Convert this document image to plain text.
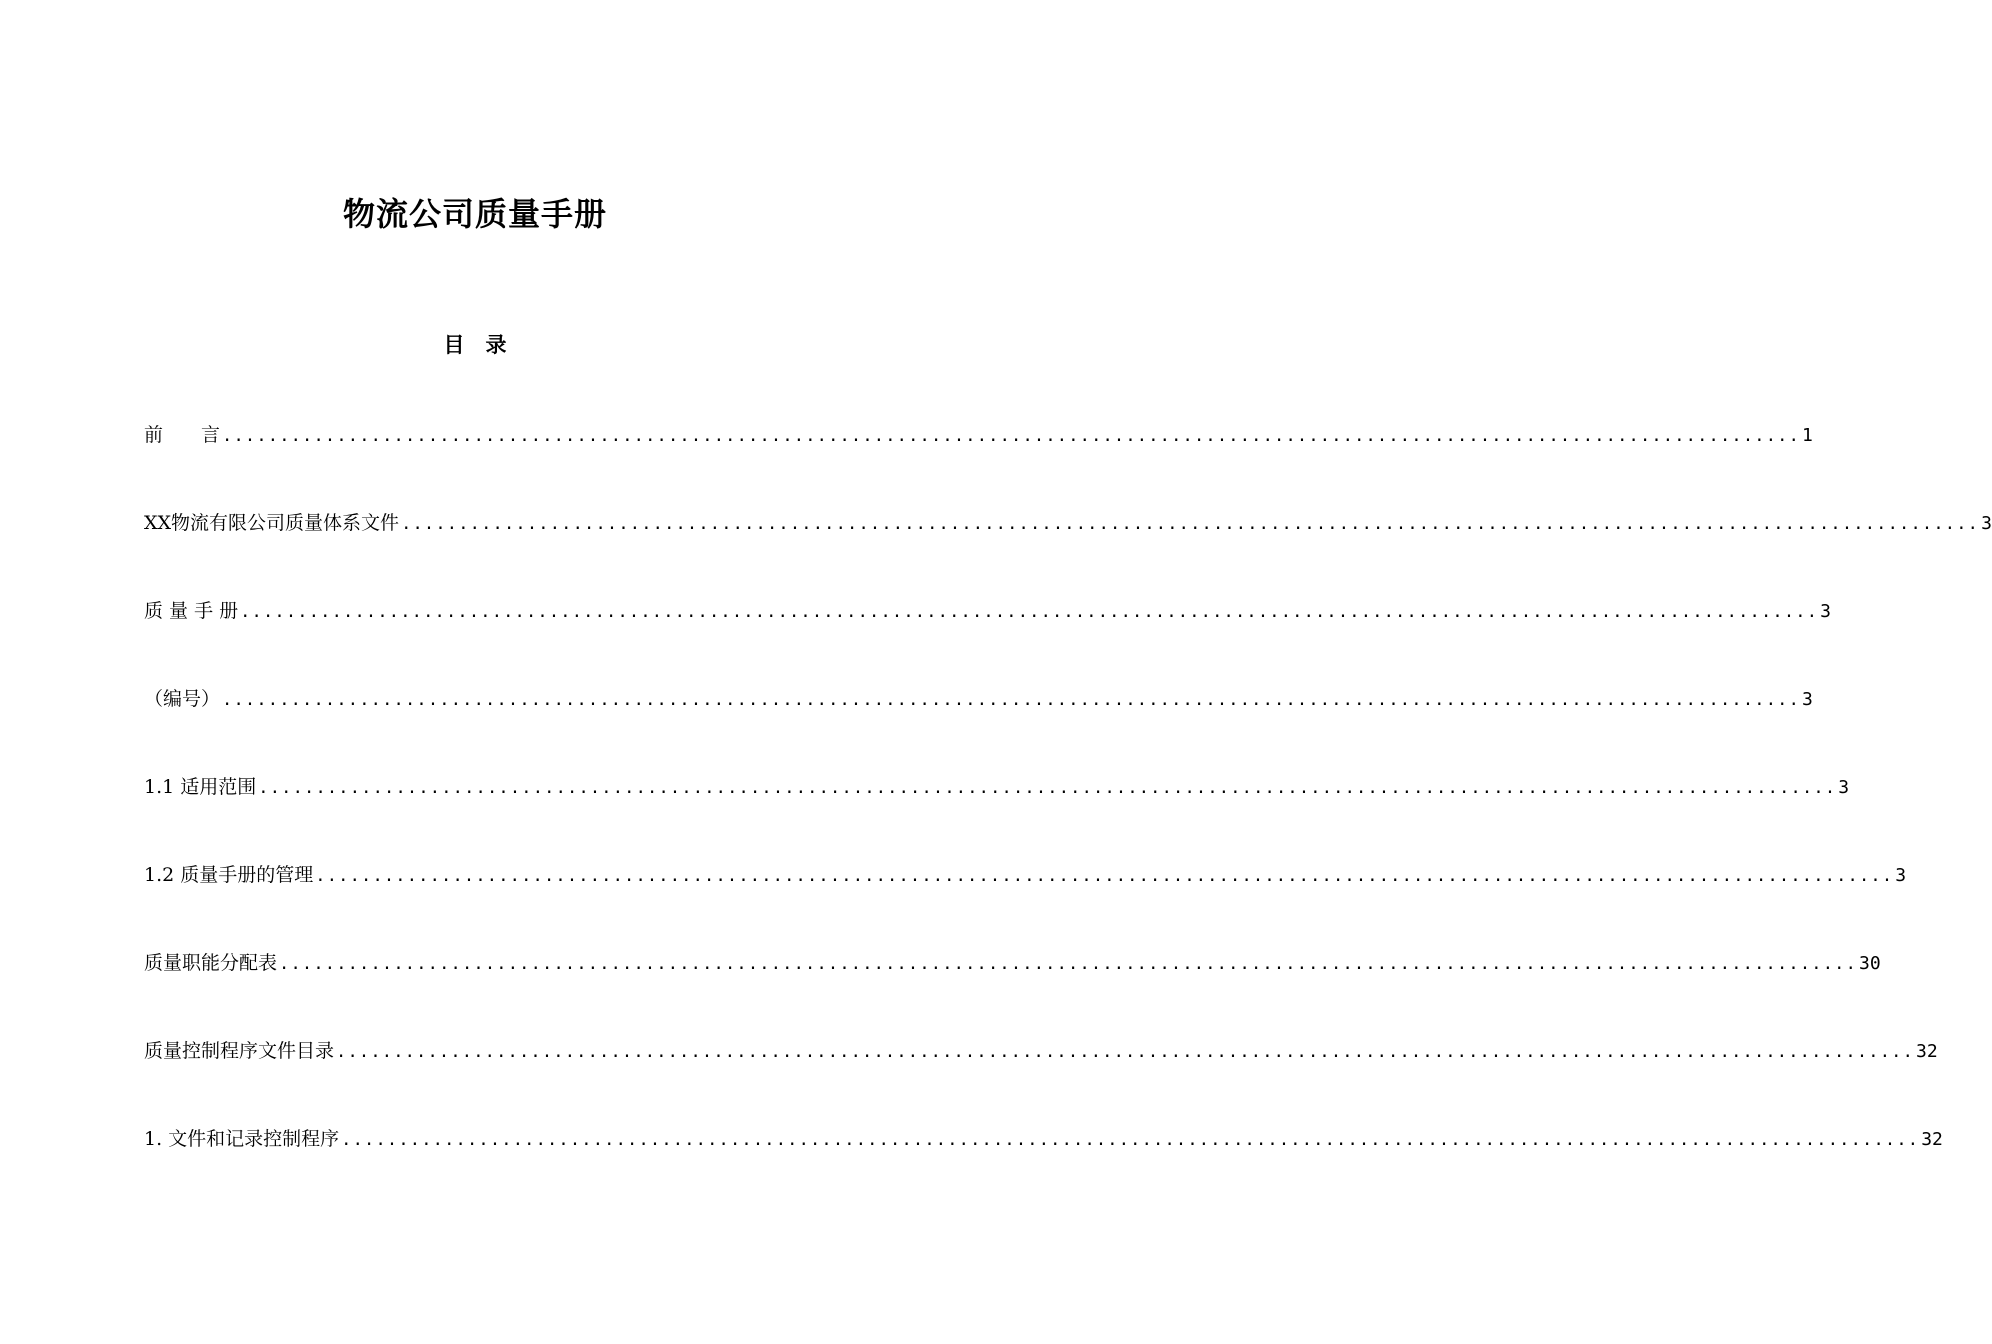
物流公司质量手册
目　录
前　　言 .......................................................................................................................................... 1
XX物流有限公司质量体系文件 .......................................................................................................................................... 3
质 量 手 册 .......................................................................................................................................... 3
（编号） .......................................................................................................................................... 3
1.1 适用范围 .......................................................................................................................................... 3
1.2 质量手册的管理 .......................................................................................................................................... 3
质量职能分配表 .......................................................................................................................................... 30
质量控制程序文件目录 .......................................................................................................................................... 32
1. 文件和记录控制程序 .......................................................................................................................................... 32
